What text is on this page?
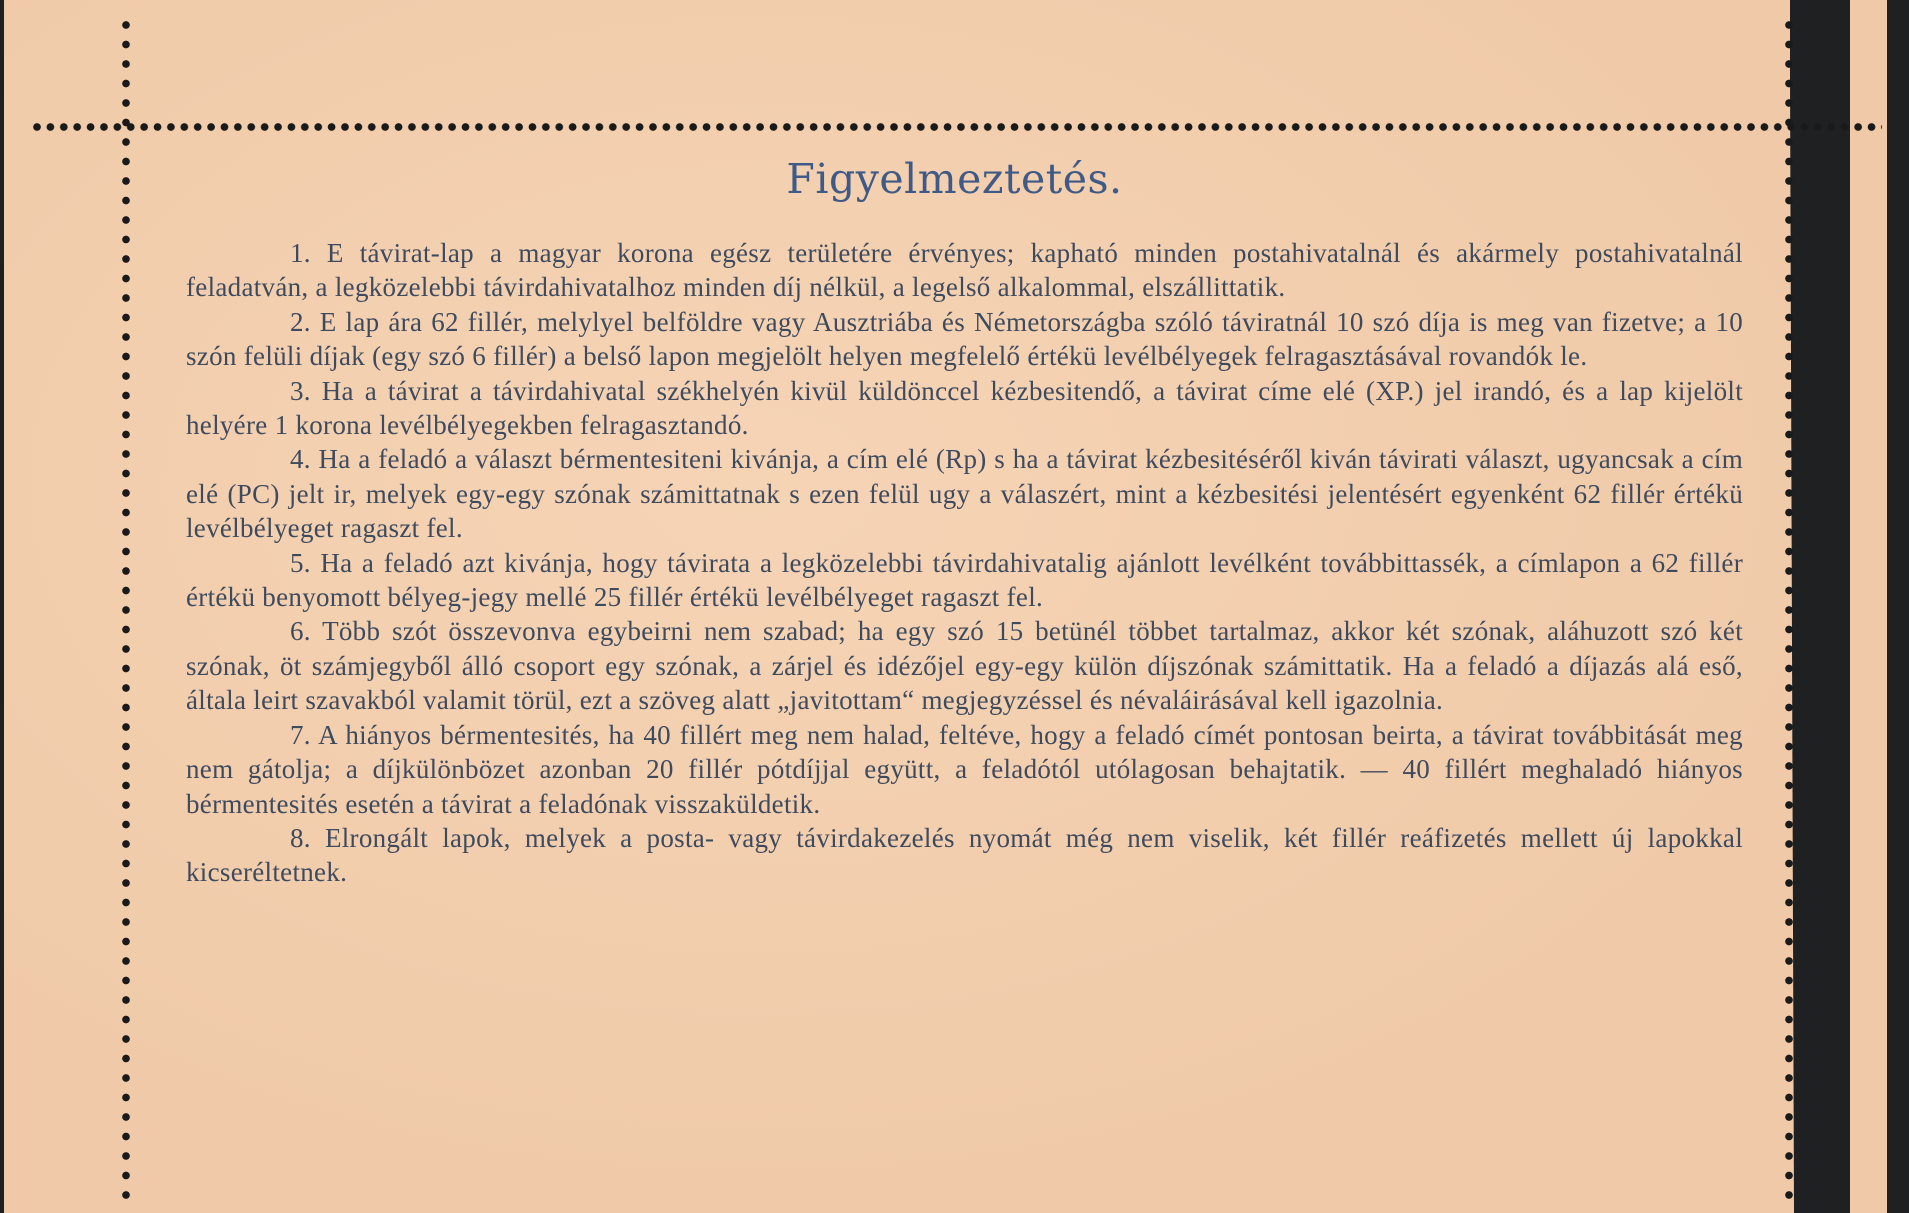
Figyelmeztetés.

1. E távirat-lap a magyar korona egész területére érvényes; kapható minden postahivatalnál és akármely postahivatalnál feladatván, a legközelebbi távirdahivatalhoz minden díj nélkül, a legelső alkalommal, elszállittatik.

2. E lap ára 62 fillér, melylyel belföldre vagy Ausztriába és Németországba szóló táviratnál 10 szó díja is meg van fizetve; a 10 szón felüli díjak (egy szó 6 fillér) a belső lapon megjelölt helyen megfelelő értékü levélbélyegek felragasztásával rovandók le.

3. Ha a távirat a távirdahivatal székhelyén kivül küldönccel kézbesitendő, a távirat címe elé (XP.) jel irandó, és a lap kijelölt helyére 1 korona levélbélyegekben felragasztandó.

4. Ha a feladó a választ bérmentesiteni kivánja, a cím elé (Rp) s ha a távirat kézbesitéséről kiván távirati választ, ugyancsak a cím elé (PC) jelt ir, melyek egy-egy szónak számittatnak s ezen felül ugy a válaszért, mint a kézbesitési jelentésért egyenként 62 fillér értékü levélbélyeget ragaszt fel.

5. Ha a feladó azt kivánja, hogy távirata a legközelebbi távirdahivatalig ajánlott levélként továbbittassék, a címlapon a 62 fillér értékü benyomott bélyeg-jegy mellé 25 fillér értékü levélbélyeget ragaszt fel.

6. Több szót összevonva egybeirni nem szabad; ha egy szó 15 betünél többet tartalmaz, akkor két szónak, aláhuzott szó két szónak, öt számjegyből álló csoport egy szónak, a zárjel és idézőjel egy-egy külön díjszónak számittatik. Ha a feladó a díjazás alá eső, általa leirt szavakból valamit törül, ezt a szöveg alatt „javitottam“ megjegyzéssel és névaláirásával kell igazolnia.

7. A hiányos bérmentesités, ha 40 fillért meg nem halad, feltéve, hogy a feladó címét pontosan beirta, a távirat továbbitását meg nem gátolja; a díjkülönbözet azonban 20 fillér pótdíjjal együtt, a feladótól utólagosan behajtatik. — 40 fillért meghaladó hiányos bérmentesités esetén a távirat a feladónak visszaküldetik.

8. Elrongált lapok, melyek a posta- vagy távirdakezelés nyomát még nem viselik, két fillér reáfizetés mellett új lapokkal kicseréltetnek.
